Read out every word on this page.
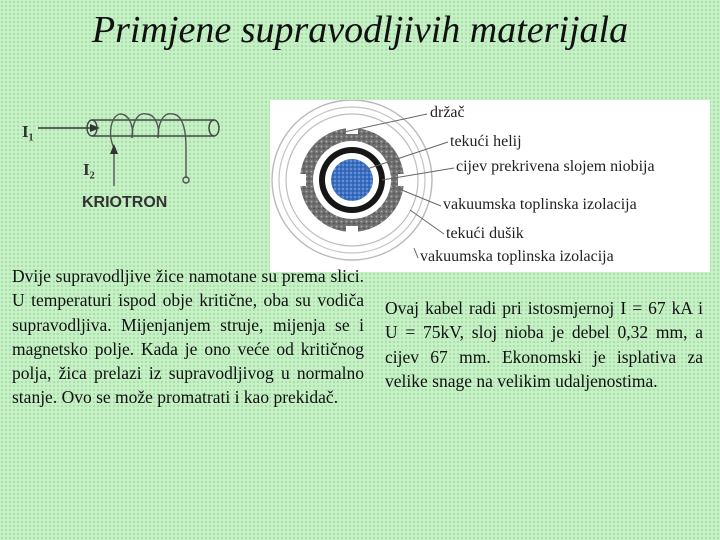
Primjene supravodljivih materijala
I₁
I₂
KRIOTRON
držač
tekući helij
cijev prekrivena slojem niobija
vakuumska toplinska izolacija
tekući dušik
vakuumska toplinska izolacija

Dvije supravodljive žice namotane su prema slici. U temperaturi ispod obje kritične, oba su vodiča supravodljiva. Mijenjanjem struje, mijenja se i magnetsko polje. Kada je ono veće od kritičnog polja, žica prelazi iz supravodljivog u normalno stanje. Ovo se može promatrati i kao prekidač.

Ovaj kabel radi pri istosmjernoj I = 67 kA i U = 75kV, sloj nioba je debel 0,32 mm, a cijev 67 mm. Ekonomski je isplativa za velike snage na velikim udaljenostima.
